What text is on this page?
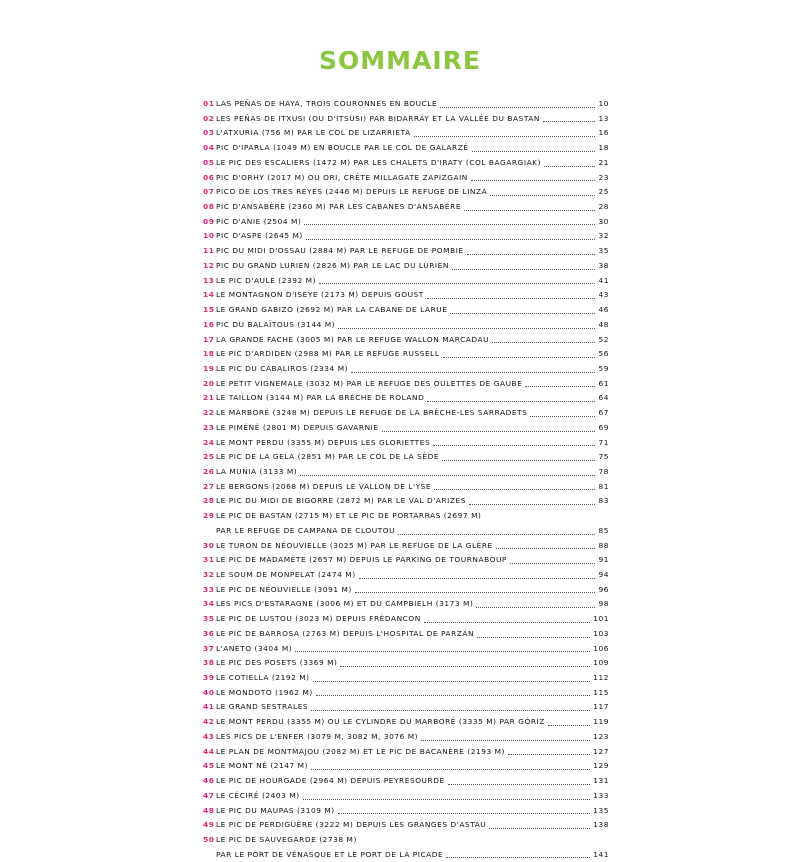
SOMMAIRE
01 LAS PEÑAS DE HAYA, TROIS COURONNES EN BOUCLE	10
02 LES PEÑAS DE ITXUSI (OU D'ITSUSI) PAR BIDARRAY ET LA VALLÉE DU BASTAN	13
03 L'ATXURIA (756 M) PAR LE COL DE LIZARRIETA	16
04 PIC D'IPARLA (1049 M) EN BOUCLE PAR LE COL DE GALARZÉ	18
05 LE PIC DES ESCALIERS (1472 M) PAR LES CHALETS D'IRATY (COL BAGARGIAK)	21
06 PIC D'ORHY (2017 M) OU ORI, CRÊTE MILLAGATE ZAPIZGAIN	23
07 PICO DE LOS TRES REYES (2446 M) DEPUIS LE REFUGE DE LINZA	25
08 PIC D'ANSABÈRE (2360 M) PAR LES CABANES D'ANSABÈRE	28
09 PIC D'ANIE (2504 M)	30
10 PIC D'ASPE (2645 M)	32
11 PIC DU MIDI D'OSSAU (2884 M) PAR LE REFUGE DE POMBIE	35
12 PIC DU GRAND LURIEN (2826 M) PAR LE LAC DU LURIEN	38
13 LE PIC D'AULE (2392 M)	41
14 LE MONTAGNON D'ISEYE (2173 M) DEPUIS GOUST	43
15 LE GRAND GABIZO (2692 M) PAR LA CABANE DE LARUE	46
16 PIC DU BALAÏTOUS (3144 M)	48
17 LA GRANDE FACHE (3005 M) PAR LE REFUGE WALLON MARCADAU	52
18 LE PIC D'ARDIDEN (2988 M) PAR LE REFUGE RUSSELL	56
19 LE PIC DU CABALIROS (2334 M)	59
20 LE PETIT VIGNEMALE (3032 M) PAR LE REFUGE DES OULETTES DE GAUBE	61
21 LE TAILLON (3144 M) PAR LA BRÈCHE DE ROLAND	64
22 LE MARBORÉ (3248 M) DEPUIS LE REFUGE DE LA BRÈCHE-LES SARRADETS	67
23 LE PIMÉNÉ (2801 M) DEPUIS GAVARNIE	69
24 LE MONT PERDU (3355 M) DEPUIS LES GLORIETTES	71
25 LE PIC DE LA GELA (2851 M) PAR LE COL DE LA SÈDE	75
26 LA MUNIA (3133 M)	78
27 LE BERGONS (2068 M) DEPUIS LE VALLON DE L'YSE	81
28 LE PIC DU MIDI DE BIGORRE (2872 M) PAR LE VAL D'ARIZES	83
29 LE PIC DE BASTAN (2715 M) ET LE PIC DE PORTARRAS (2697 M)
PAR LE REFUGE DE CAMPANA DE CLOUTOU	85
30 LE TURON DE NÉOUVIELLE (3025 M) PAR LE REFUGE DE LA GLÈRE	88
31 LE PIC DE MADAMÈTE (2657 M) DEPUIS LE PARKING DE TOURNABOUP	91
32 LE SOUM DE MONPELAT (2474 M)	94
33 LE PIC DE NÉOUVIELLE (3091 M)	96
34 LES PICS D'ESTARAGNE (3006 M) ET DU CAMPBIELH (3173 M)	98
35 LE PIC DE LUSTOU (3023 M) DEPUIS FRÉDANCON	101
36 LE PIC DE BARROSA (2763 M) DEPUIS L'HOSPITAL DE PARZÁN	103
37 L'ANETO (3404 M)	106
38 LE PIC DES POSETS (3369 M)	109
39 LE COTIELLA (2192 M)	112
40 LE MONDOTO (1962 M)	115
41 LE GRAND SESTRALES	117
42 LE MONT PERDU (3355 M) OU LE CYLINDRE DU MARBORÉ (3335 M) PAR GÓRIZ	119
43 LES PICS DE L'ENFER (3079 M, 3082 M, 3076 M)	123
44 LE PLAN DE MONTMAJOU (2082 M) ET LE PIC DE BACANÈRE (2193 M)	127
45 LE MONT NÉ (2147 M)	129
46 LE PIC DE HOURGADE (2964 M) DEPUIS PEYRESOURDE	131
47 LE CÉCIRÉ (2403 M)	133
48 LE PIC DU MAUPAS (3109 M)	135
49 LE PIC DE PERDIGUÈRE (3222 M) DEPUIS LES GRANGES D'ASTAU	138
50 LE PIC DE SAUVEGARDE (2738 M)
PAR LE PORT DE VÉNASQUE ET LE PORT DE LA PICADE	141
